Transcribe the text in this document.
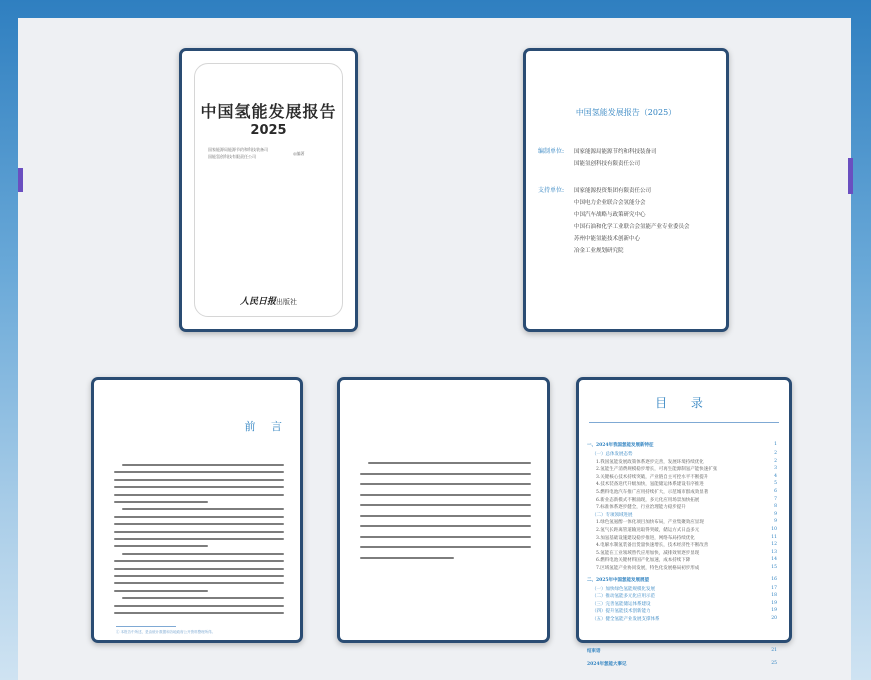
中国氢能发展报告
2025
国家能源局能源节约和科技装备司
国能氢创科技有限责任公司
◎编著
人民日报出版社
中国氢能发展报告（2025）
编制单位: 国家能源局能源节约和科技装备司
国能氢创科技有限责任公司
支持单位: 国家能源投资集团有限责任公司
中国电力企业联合会氢能分会
中国汽车战略与政策研究中心
中国石油和化学工业联合会氢能产业专业委员会
苏州中能氢能技术创新中心
冶金工业规划研究院
前 言
① 本报告中所述，是由统计数据和各地政府公开资料整理所得。
目 录
一、2024年我国氢能发展新特征	1
（一）总体发展态势	2
1.我国氢能发展政策体系逐步完善，发展环境持续优化	2
2.氢能生产消费规模稳步增长，可再生能源制氢产能快速扩张	3
3.关键核心技术持续突破，产业链自主可控水平不断提升	4
4.技术装备迭代升级加快，氢能储运体系建设有序推进	5
5.燃料电池汽车推广应用持续扩大，示范城市群成效显著	6
6.新业态新模式不断涌现，多元化应用场景加快拓展	7
7.标准体系逐步健全，行业治理能力稳步提升	8
（二）专项领域进展	9
1.绿色氢氨醇一体化项目加快布局，产业集聚效应显现	9
2.氢气长距离管道输送取得突破，储运方式日益多元	10
3.加氢基础设施建设稳步推进，网络布局持续优化	11
4.电解水制氢装备出货量快速增长，技术经济性不断改善	12
5.氢能在工业领域替代应用加快，减排效果逐步显现	13
6.燃料电池关键材料国产化加速，成本持续下降	14
7.区域氢能产业协同发展，特色化发展格局初步形成	15
二、2025年中国氢能发展展望	16
（一）加快绿色氢能规模化发展	17
（二）推动氢能多元化应用示范	18
（三）完善氢能储运体系建设	19
（四）提升氢能技术创新能力	19
（五）健全氢能产业发展支撑体系	20
结束语	21
2024年氢能大事记	25
